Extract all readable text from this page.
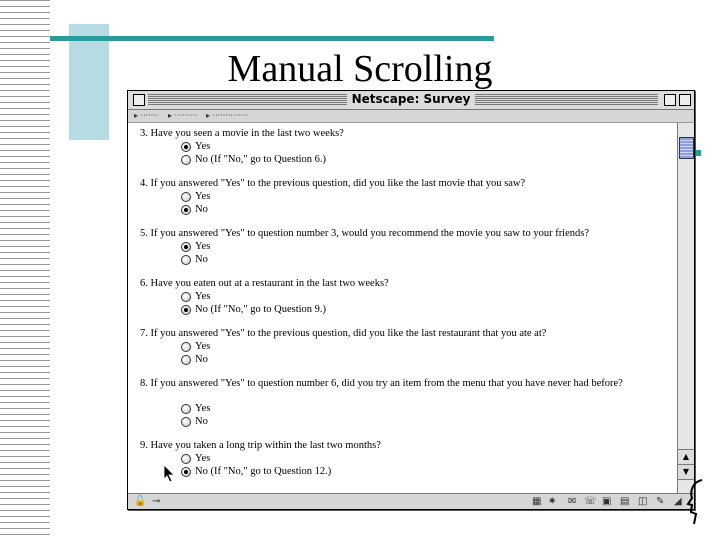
Manual Scrolling
Netscape: Survey
▸ ······· ▸ ········· ▸ ··············
3. Have you seen a movie in the last two weeks?
Yes
No (If "No," go to Question 6.)
4. If you answered "Yes" to the previous question, did you like the last movie that you saw?
Yes
No
5. If you answered "Yes" to question number 3, would you recommend the movie you saw to your friends?
Yes
No
6. Have you eaten out at a restaurant in the last two weeks?
Yes
No (If "No," go to Question 9.)
7. If you answered "Yes" to the previous question, did you like the last restaurant that you ate at?
Yes
No
8. If you answered "Yes" to question number 6, did you try an item from the menu that you have never had before?
Yes
No
9. Have you taken a long trip within the last two months?
Yes
No (If "No," go to Question 12.)
▲
▼
🔓 ⊸	▦ ✷ ✉ ☏ ▣ ▤ ◫ ✎ ◢
